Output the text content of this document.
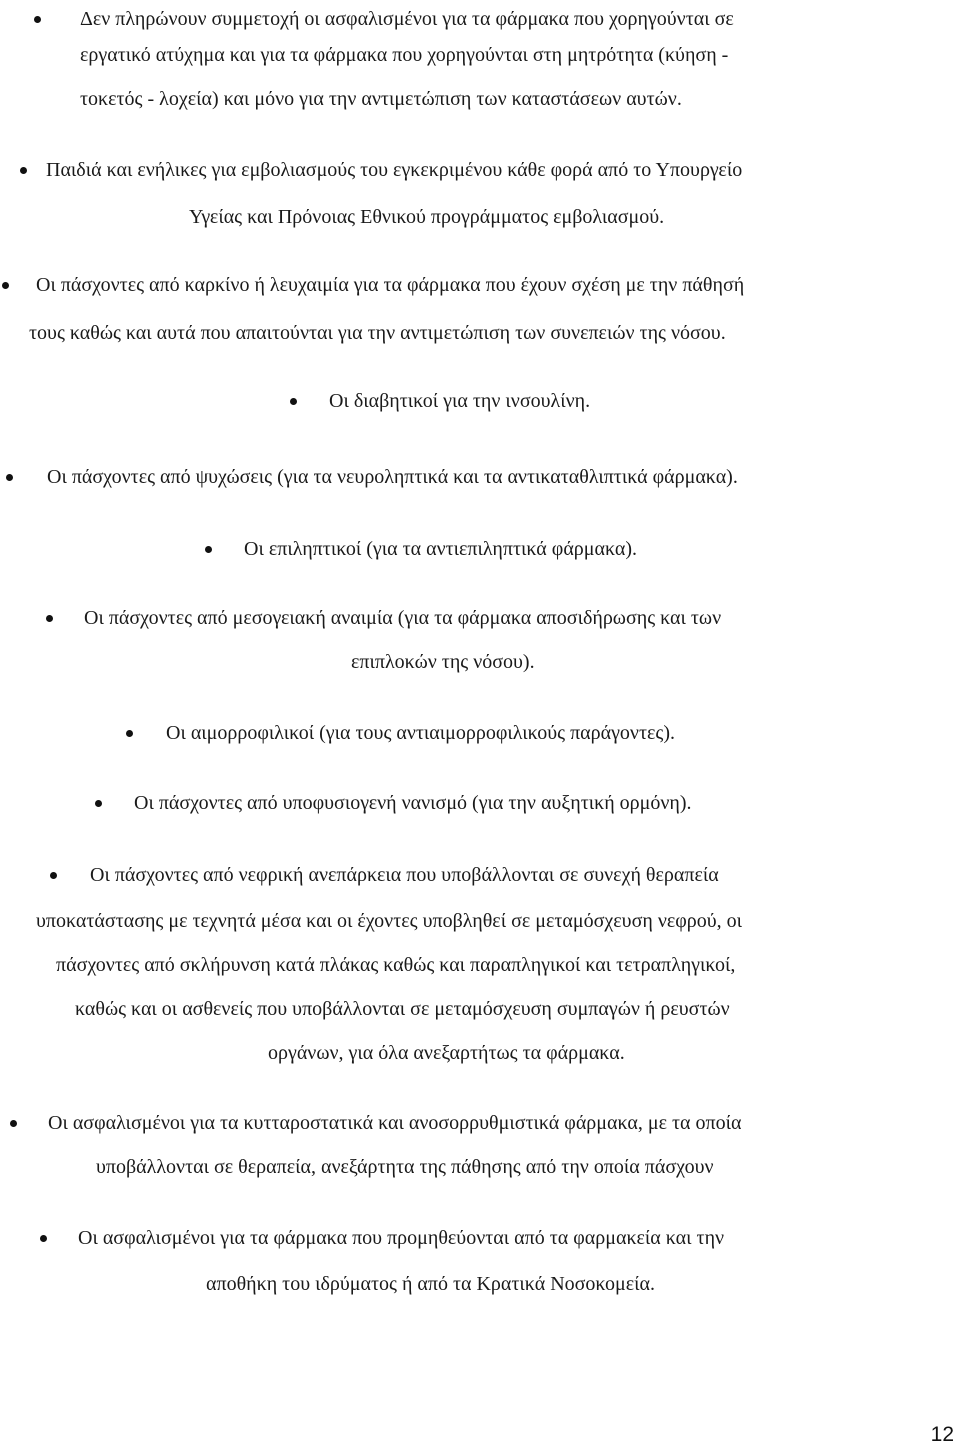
Δεν πληρώνουν συμμετοχή οι ασφαλισμένοι για τα φάρμακα που χορηγούνται σε
εργατικό ατύχημα και για τα φάρμακα που χορηγούνται στη μητρότητα (κύηση -
τοκετός - λοχεία) και μόνο για την αντιμετώπιση των καταστάσεων αυτών.
Παιδιά και ενήλικες για εμβολιασμούς του εγκεκριμένου κάθε φορά από το Υπουργείο
Υγείας και Πρόνοιας Εθνικού προγράμματος εμβολιασμού.
Οι πάσχοντες από καρκίνο ή λευχαιμία για τα φάρμακα που έχουν σχέση με την πάθησή
τους καθώς και αυτά που απαιτούνται για την αντιμετώπιση των συνεπειών της νόσου.
Οι διαβητικοί για την ινσουλίνη.
Οι πάσχοντες από ψυχώσεις (για τα νευροληπτικά και τα αντικαταθλιπτικά φάρμακα).
Οι επιληπτικοί (για τα αντιεπιληπτικά φάρμακα).
Οι πάσχοντες από μεσογειακή αναιμία (για τα φάρμακα αποσιδήρωσης και των
επιπλοκών της νόσου).
Οι αιμορροφιλικοί (για τους αντιαιμορροφιλικούς παράγοντες).
Οι πάσχοντες από υποφυσιογενή νανισμό (για την αυξητική ορμόνη).
Οι πάσχοντες από νεφρική ανεπάρκεια που υποβάλλονται σε συνεχή θεραπεία
υποκατάστασης με τεχνητά μέσα και οι έχοντες υποβληθεί σε μεταμόσχευση νεφρού, οι
πάσχοντες από σκλήρυνση κατά πλάκας καθώς και παραπληγικοί και τετραπληγικοί,
καθώς και οι ασθενείς που υποβάλλονται σε μεταμόσχευση συμπαγών ή ρευστών
οργάνων, για όλα ανεξαρτήτως τα φάρμακα.
Οι ασφαλισμένοι για τα κυτταροστατικά και ανοσορρυθμιστικά φάρμακα, με τα οποία
υποβάλλονται σε θεραπεία, ανεξάρτητα της πάθησης από την οποία πάσχουν
Οι ασφαλισμένοι για τα φάρμακα που προμηθεύονται από τα φαρμακεία και την
αποθήκη του ιδρύματος ή από τα Κρατικά Νοσοκομεία.
12
